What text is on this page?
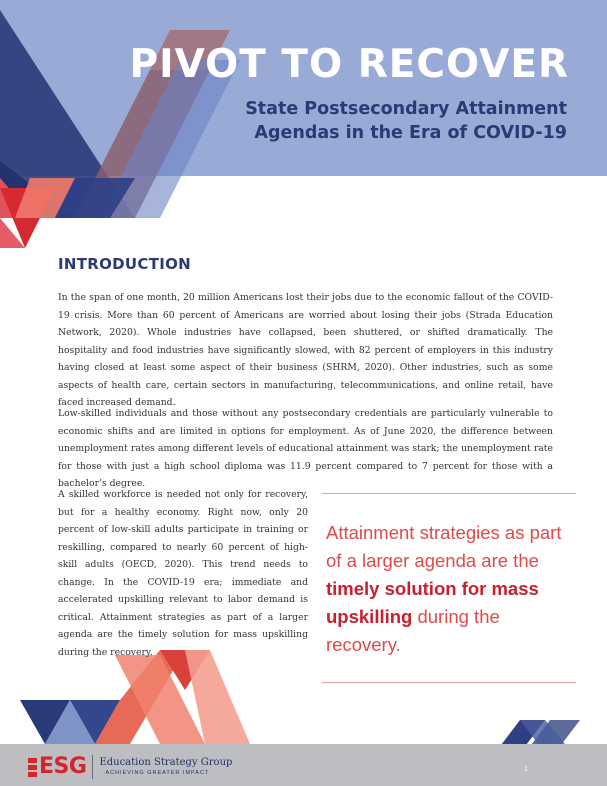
PIVOT TO RECOVER
State Postsecondary Attainment
Agendas in the Era of COVID-19
INTRODUCTION

In the span of one month, 20 million Americans lost their jobs due to the economic fallout of the COVID-19 crisis. More than 60 percent of Americans are worried about losing their jobs (Strada Education Network, 2020). Whole industries have collapsed, been shuttered, or shifted dramatically. The hospitality and food industries have significantly slowed, with 82 percent of employers in this industry having closed at least some aspect of their business (SHRM, 2020). Other industries, such as some aspects of health care, certain sectors in manufacturing, telecommunications, and online retail, have faced increased demand.

Low-skilled individuals and those without any postsecondary credentials are particularly vulnerable to economic shifts and are limited in options for employment. As of June 2020, the difference between unemployment rates among different levels of educational attainment was stark; the unemployment rate for those with just a high school diploma was 11.9 percent compared to 7 percent for those with a bachelor’s degree.

A skilled workforce is needed not only for recovery, but for a healthy economy. Right now, only 20 percent of low-skill adults participate in training or reskilling, compared to nearly 60 percent of high-skill adults (OECD, 2020). This trend needs to change. In the COVID-19 era; immediate and accelerated upskilling relevant to labor demand is critical. Attainment strategies as part of a larger agenda are the timely solution for mass upskilling during the recovery.

Attainment strategies as part of a larger agenda are the timely solution for mass upskilling during the recovery.

ESG Education Strategy Group
ACHIEVING GREATER IMPACT	1
